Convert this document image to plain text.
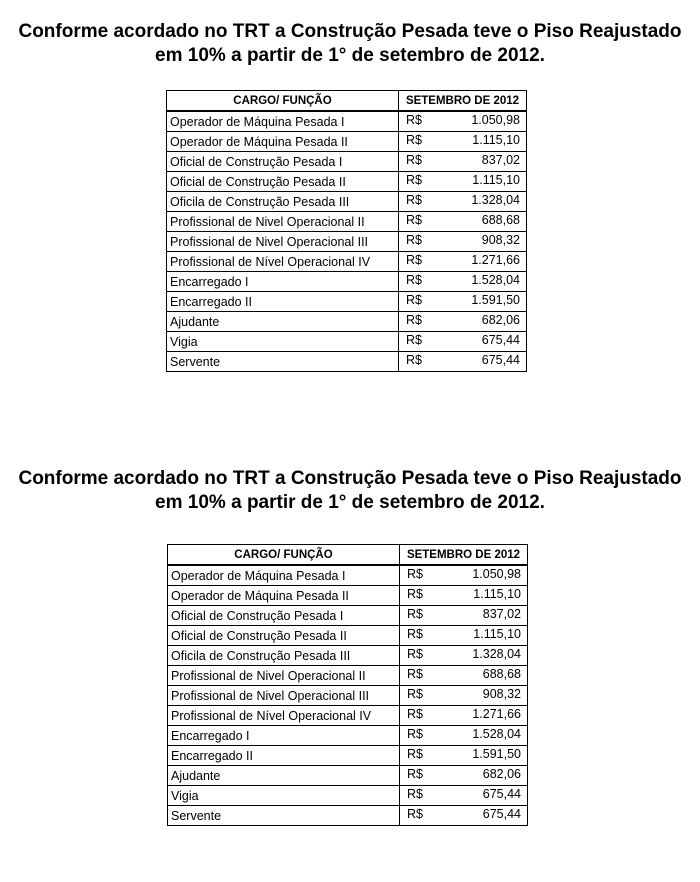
Conforme acordado no TRT a Construção Pesada teve o Piso Reajustado
em 10% a partir de 1° de setembro de 2012.
CARGO/ FUNÇÃO	SETEMBRO DE 2012
Operador de Máquina Pesada I	R$ 1.050,98

Operador de Máquina Pesada II	R$ 1.115,10

Oficial de Construção Pesada I	R$ 837,02

Oficial de Construção Pesada II	R$ 1.115,10

Oficila de Construção Pesada III	R$ 1.328,04

Profissional de Nivel Operacional II	R$ 688,68

Profissional de Nivel Operacional III	R$ 908,32

Profissional de Nível Operacional IV	R$ 1.271,66

Encarregado I	R$ 1.528,04

Encarregado II	R$ 1.591,50

Ajudante	R$ 682,06

Vigia	R$ 675,44

Servente	R$ 675,44
Conforme acordado no TRT a Construção Pesada teve o Piso Reajustado
em 10% a partir de 1° de setembro de 2012.
CARGO/ FUNÇÃO	SETEMBRO DE 2012
Operador de Máquina Pesada I	R$ 1.050,98

Operador de Máquina Pesada II	R$ 1.115,10

Oficial de Construção Pesada I	R$ 837,02

Oficial de Construção Pesada II	R$ 1.115,10

Oficila de Construção Pesada III	R$ 1.328,04

Profissional de Nivel Operacional II	R$ 688,68

Profissional de Nivel Operacional III	R$ 908,32

Profissional de Nível Operacional IV	R$ 1.271,66

Encarregado I	R$ 1.528,04

Encarregado II	R$ 1.591,50

Ajudante	R$ 682,06

Vigia	R$ 675,44

Servente	R$ 675,44
